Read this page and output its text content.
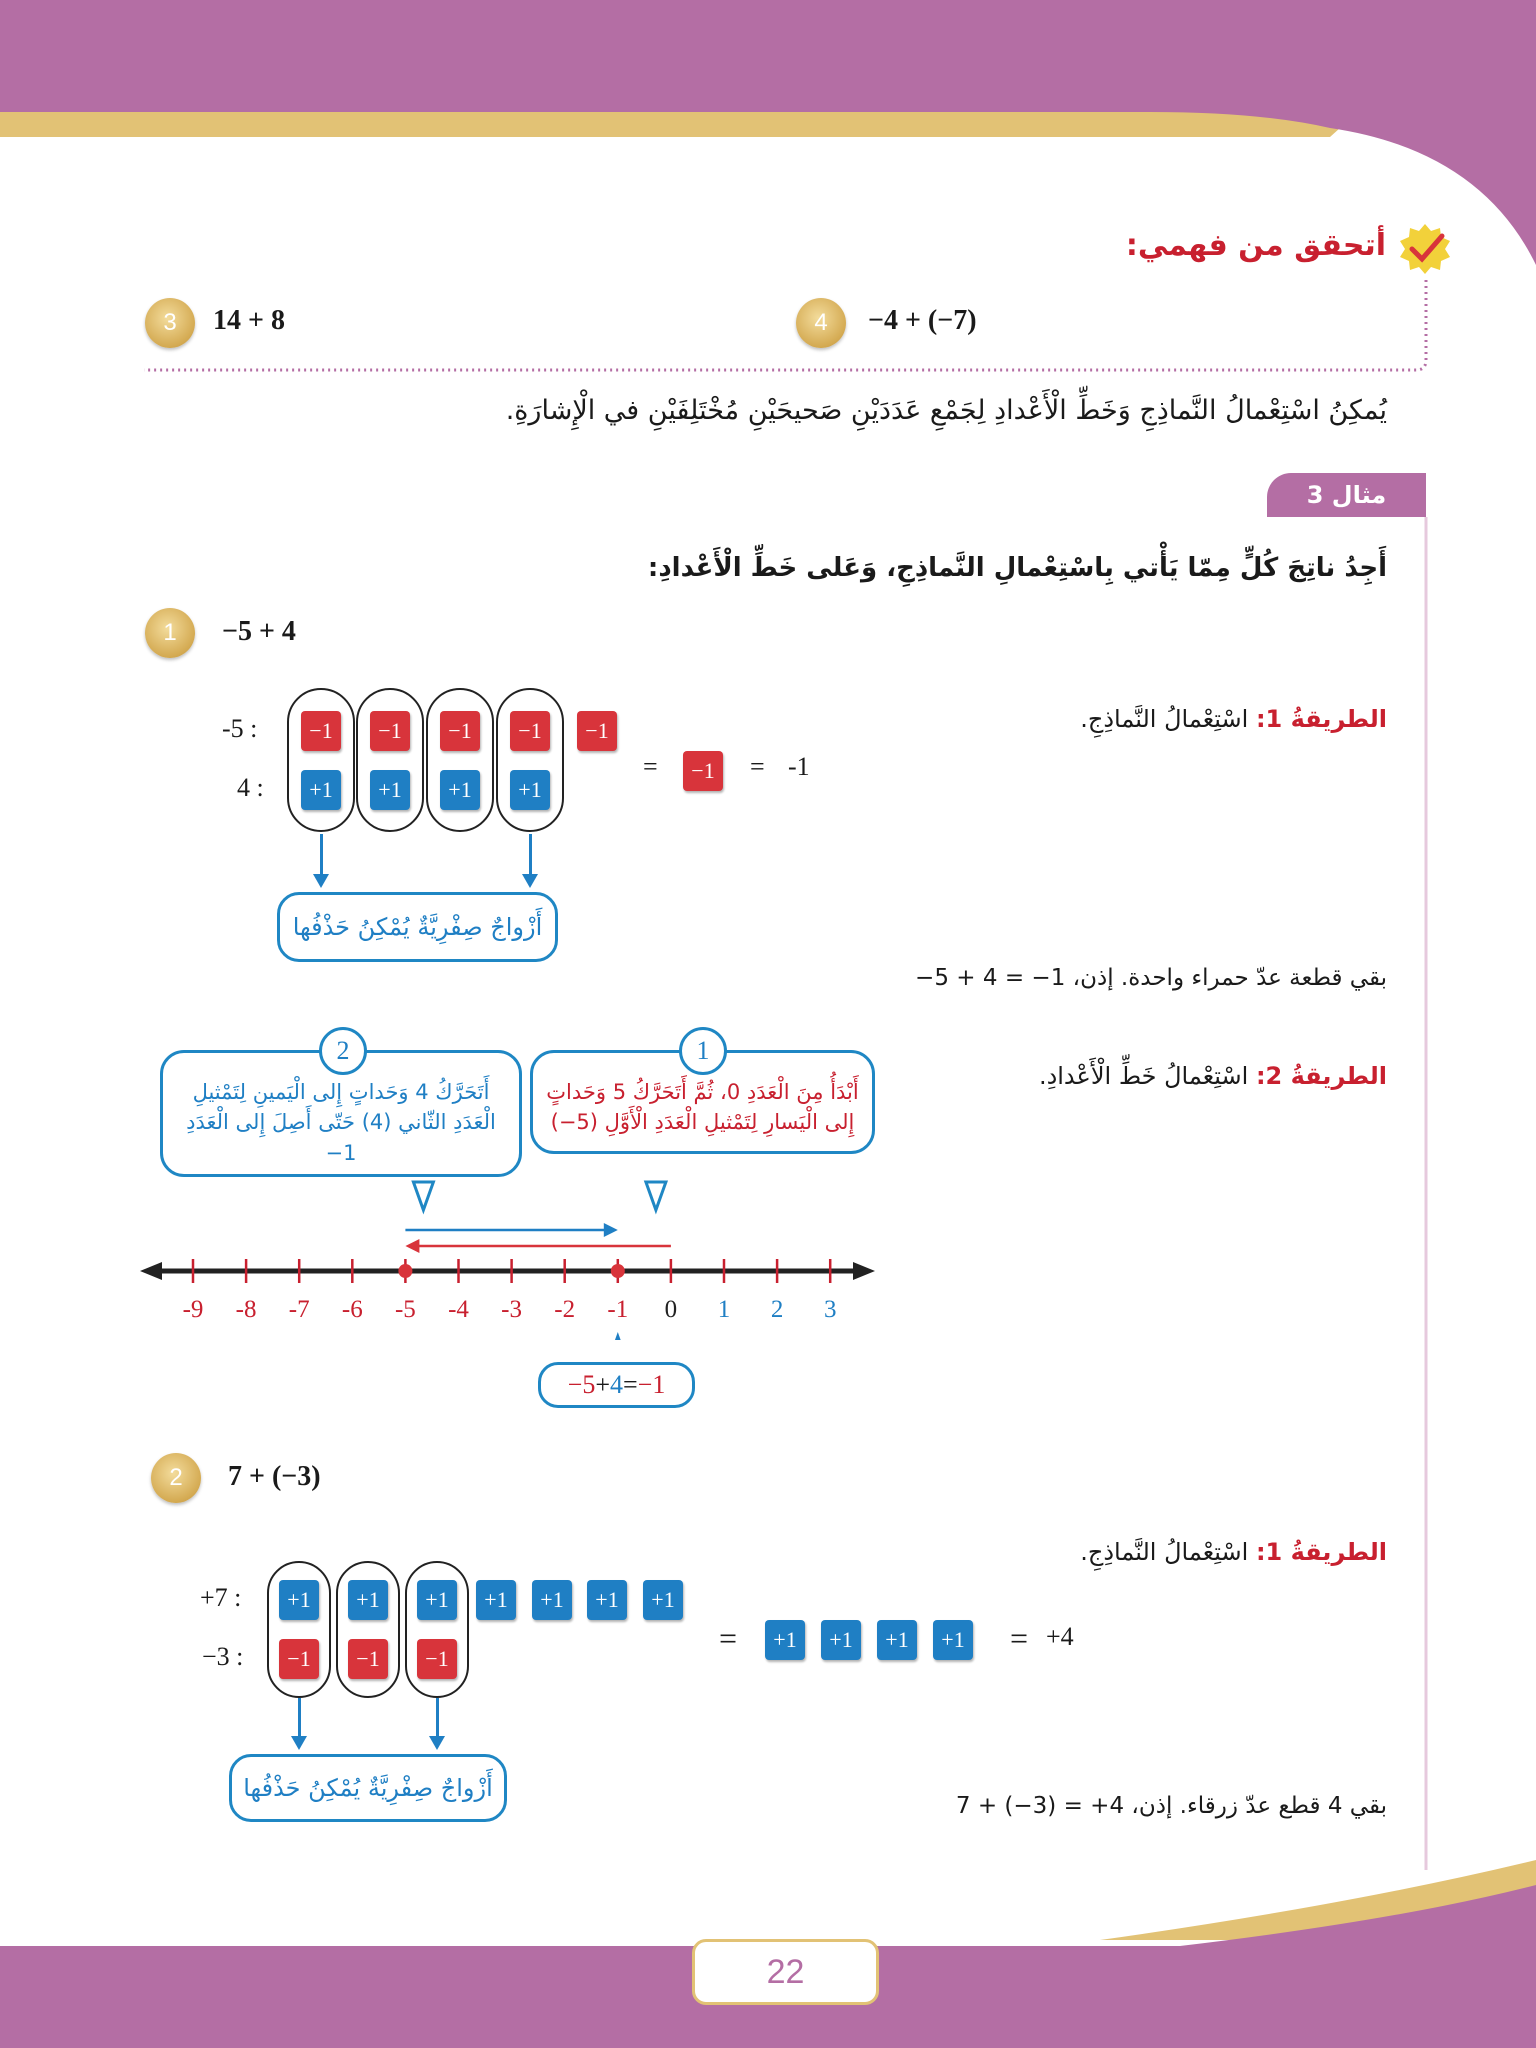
أتحقق من فهمي:
3	14 + 8	4	−4 + (−7)
يُمكِنُ اسْتِعْمالُ النَّماذِجِ وَخَطِّ الْأَعْدادِ لِجَمْعِ عَدَدَيْنِ صَحيحَيْنِ مُخْتَلِفَيْنِ في الْإِشارَةِ.
مثال 3
أَجِدُ ناتِجَ كُلٍّ مِمّا يَأْتي بِاسْتِعْمالِ النَّماذِجِ، وَعَلى خَطِّ الْأَعْدادِ:
1	−5 + 4
الطريقةُ 1: اسْتِعْمالُ النَّماذِجِ.
-5 :
4 :
−1	−1	−1	−1	−1
+1	+1	+1	+1
=	−1	= -1
أَزْواجٌ صِفْرِيَّةٌ يُمْكِنُ حَذْفُها
بقي قطعة عدّ حمراء واحدة. إذن، 1− = 4 + 5−
الطريقةُ 2: اسْتِعْمالُ خَطِّ الْأَعْدادِ.
1
أَبْدَأُ مِنَ الْعَدَدِ 0، ثُمَّ أَتَحَرَّكُ 5 وَحَداتٍ إِلى الْيَسارِ لِتَمْثيلِ الْعَدَدِ الْأَوَّلِ (5−)
2
أَتَحَرَّكُ 4 وَحَداتٍ إِلى الْيَمينِ لِتَمْثيلِ الْعَدَدِ الثّاني (4) حَتّى أَصِلَ إِلى الْعَدَدِ 1−
-9 -8 -7 -6 -5 -4 -3 -2 -1 0 1 2 3
−5 + 4 = −1
2	7 + (−3)
الطريقةُ 1: اسْتِعْمالُ النَّماذِجِ.
+7 :
−3 :
+1	+1	+1	+1	+1	+1	+1
−1	−1	−1
+1	+1	+1	+1
=	= +4
أَزْواجٌ صِفْرِيَّةٌ يُمْكِنُ حَذْفُها
بقي 4 قطع عدّ زرقاء. إذن، 4+ = (3−) + 7
22
